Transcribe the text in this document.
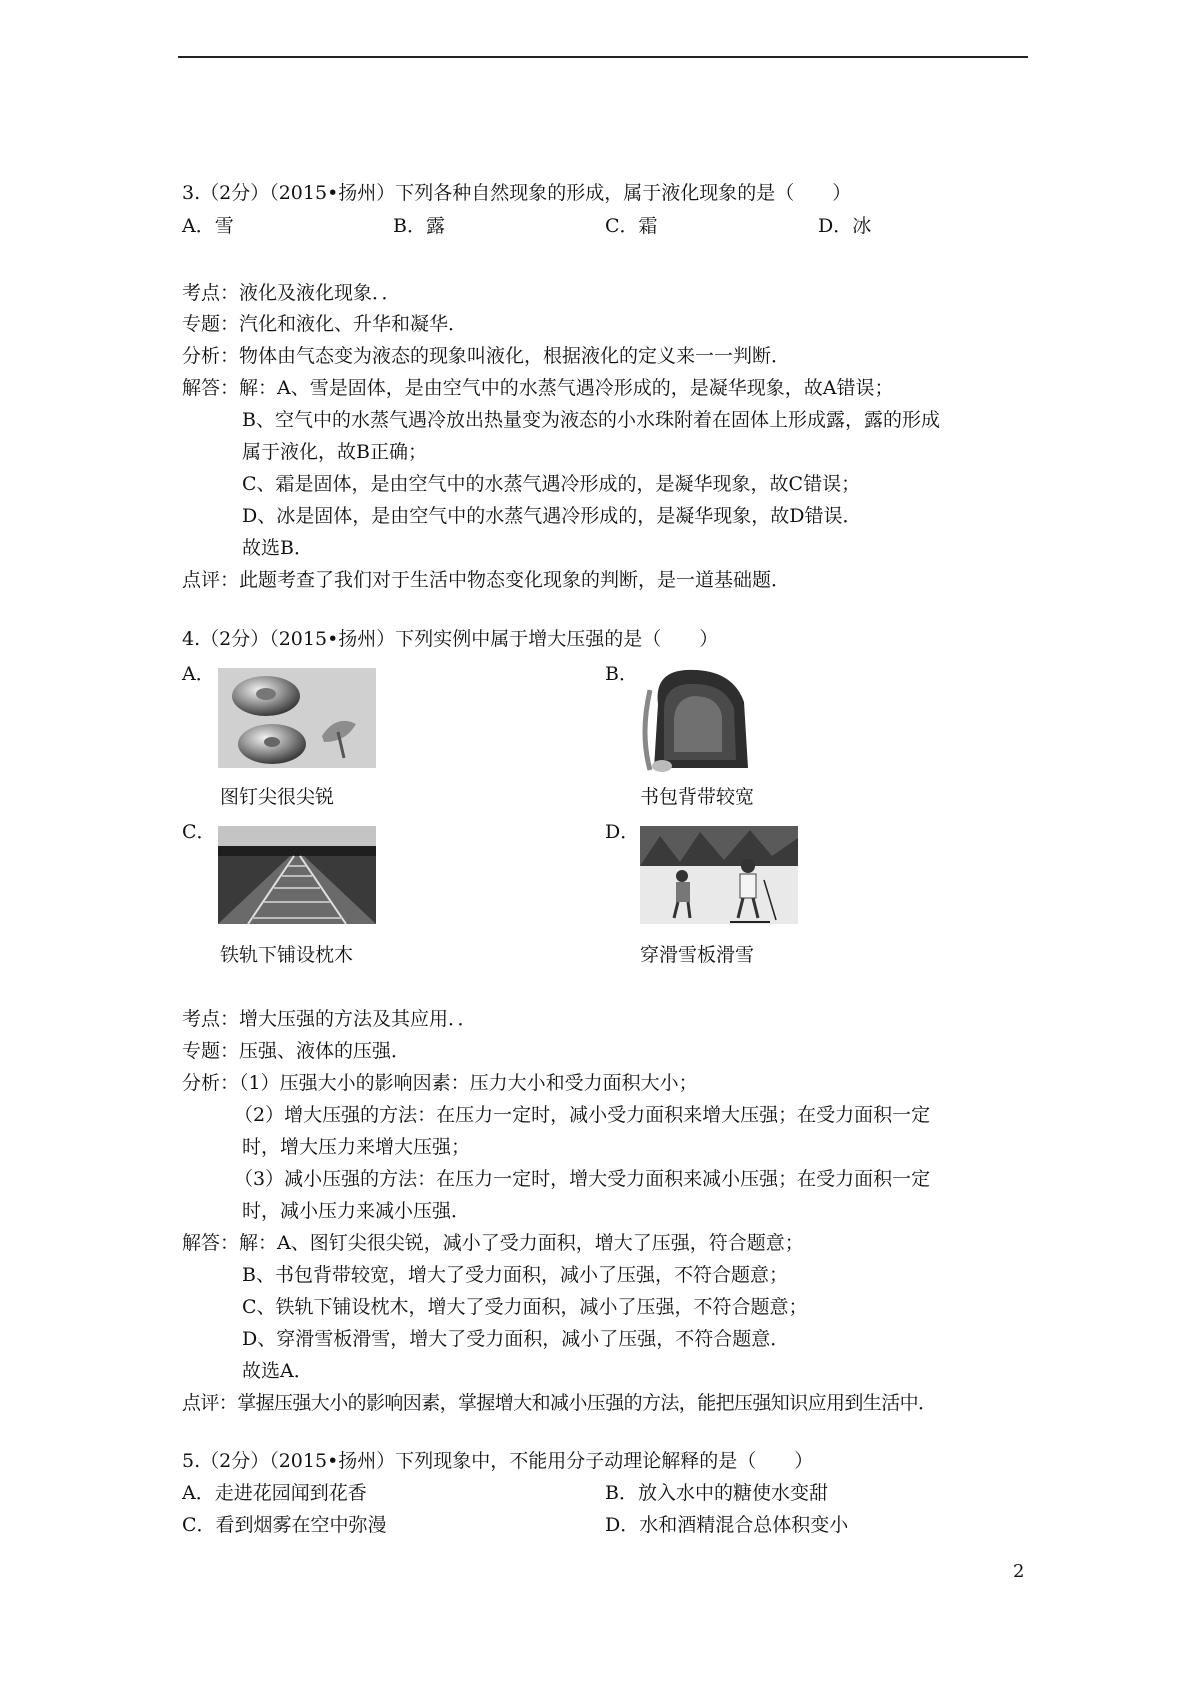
3.（2分）（2015•扬州）下列各种自然现象的形成，属于液化现象的是（　　）
A．雪	B．露	C．霜	D．冰
考点：液化及液化现象．．
专题：汽化和液化、升华和凝华．
分析：物体由气态变为液态的现象叫液化，根据液化的定义来一一判断．
解答：解：A、雪是固体，是由空气中的水蒸气遇冷形成的，是凝华现象，故A错误；
B、空气中的水蒸气遇冷放出热量变为液态的小水珠附着在固体上形成露，露的形成
属于液化，故B正确；
C、霜是固体，是由空气中的水蒸气遇冷形成的，是凝华现象，故C错误；
D、冰是固体，是由空气中的水蒸气遇冷形成的，是凝华现象，故D错误．
故选B．
点评：此题考查了我们对于生活中物态变化现象的判断，是一道基础题．
4.（2分）（2015•扬州）下列实例中属于增大压强的是（　　）
A．
图钉尖很尖锐
B．
书包背带较宽
C．
铁轨下铺设枕木
D．
穿滑雪板滑雪
考点：增大压强的方法及其应用．．
专题：压强、液体的压强．
分析：（1）压强大小的影响因素：压力大小和受力面积大小；
（2）增大压强的方法：在压力一定时，减小受力面积来增大压强；在受力面积一定
时，增大压力来增大压强；
（3）减小压强的方法：在压力一定时，增大受力面积来减小压强；在受力面积一定
时，减小压力来减小压强．
解答：解：A、图钉尖很尖锐，减小了受力面积，增大了压强，符合题意；
B、书包背带较宽，增大了受力面积，减小了压强，不符合题意；
C、铁轨下铺设枕木，增大了受力面积，减小了压强，不符合题意；
D、穿滑雪板滑雪，增大了受力面积，减小了压强，不符合题意．
故选A．
点评：掌握压强大小的影响因素，掌握增大和减小压强的方法，能把压强知识应用到生活中．
5.（2分）（2015•扬州）下列现象中，不能用分子动理论解释的是（　　）
A．走进花园闻到花香	B．放入水中的糖使水变甜
C．看到烟雾在空中弥漫	D．水和酒精混合总体积变小
2
